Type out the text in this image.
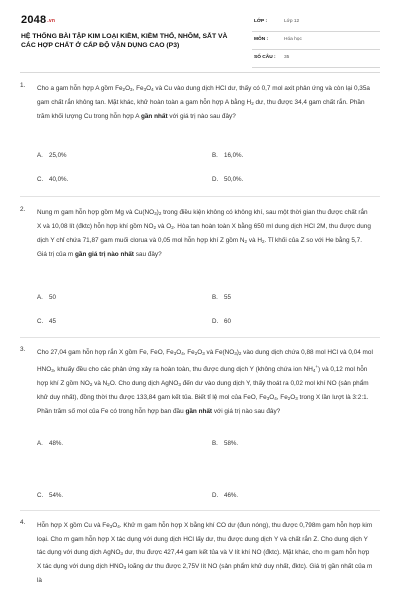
2048.vn
HỆ THỐNG BÀI TẬP KIM LOẠI KIỀM, KIỀM THỔ, NHÔM, SẮT VÀ CÁC HỢP CHẤT Ở CẤP ĐỘ VẬN DỤNG CAO (P3)
LỚP :	Lớp 12
MÔN :	Hóa học
SỐ CÂU : 35
1. Cho a gam hỗn hợp A gồm $Fe_2O_3$, $Fe_3O_4$ và Cu vào dung dịch HCl dư, thấy có 0,7 mol axit phản ứng và còn lại 0,35a gam chất rắn không tan. Mặt khác, khử hoàn toàn a gam hỗn hợp A bằng $H_2$ dư, thu được 34,4 gam chất rắn. Phần trăm khối lượng Cu trong hỗn hợp A gần nhất với giá trị nào sau đây?
A. 25,0%	B. 16,0%.
C. 40,0%.	D. 50,0%.
2. Nung m gam hỗn hợp gồm Mg và $Cu(NO_3)_2$ trong điều kiện không có không khí, sau một thời gian thu được chất rắn X và 10,08 lít (đktc) hỗn hợp khí gồm $NO_2$ và $O_2$. Hòa tan hoàn toàn X bằng 650 ml dung dịch HCl 2M, thu được dung dịch Y chỉ chứa 71,87 gam muối clorua và 0,05 mol hỗn hợp khí Z gồm $N_2$ và $H_2$. Tỉ khối của Z so với He bằng 5,7. Giá trị của m gần giá trị nào nhất sau đây?
A. 50	B. 55
C. 45	D. 60
3. Cho 27,04 gam hỗn hợp rắn X gồm Fe, FeO, $Fe_3O_4$, $Fe_2O_3$ và $Fe(NO_3)_2$ vào dung dịch chứa 0,88 mol HCl và 0,04 mol $HNO_3$, khuấy đều cho các phản ứng xảy ra hoàn toàn, thu được dung dịch Y (không chứa ion $NH_4^+$) và 0,12 mol hỗn hợp khí Z gồm $NO_2$ và $N_2O$. Cho dung dịch AgNO$_3$ đến dư vào dung dịch Y, thấy thoát ra 0,02 mol khí NO (sản phẩm khử duy nhất), đồng thời thu được 133,84 gam kết tủa. Biết tỉ lệ mol của FeO, $Fe_3O_4$, $Fe_2O_3$ trong X lần lượt là 3:2:1. Phần trăm số mol của Fe có trong hỗn hợp ban đầu gần nhất với giá trị nào sau đây?
A. 48%.	B. 58%.
C. 54%.	D. 46%.
4. Hỗn hợp X gồm Cu và $Fe_3O_4$. Khử m gam hỗn hợp X bằng khí CO dư (đun nóng), thu được 0,798m gam hỗn hợp kim loại. Cho m gam hỗn hợp X tác dụng với dung dịch HCl lấy dư, thu được dung dịch Y và chất rắn Z. Cho dung dịch Y tác dụng với dung dịch AgNO$_3$ dư, thu được 427,44 gam kết tủa và V lít khí NO (đktc). Mặt khác, cho m gam hỗn hợp X tác dụng với dung dịch $HNO_3$ loãng dư thu được 2,75V lít NO (sản phẩm khử duy nhất, đktc). Giá trị gần nhất của m là
